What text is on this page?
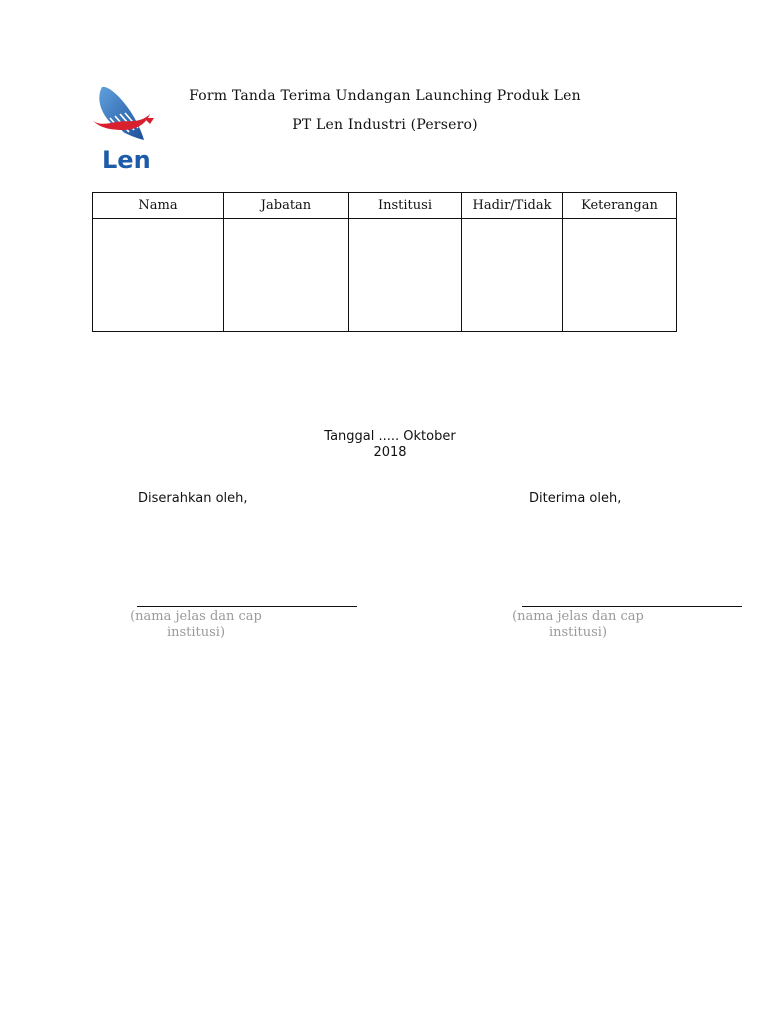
Len
Form Tanda Terima Undangan Launching Produk Len
PT Len Industri (Persero)
Nama	Jabatan	Institusi	Hadir/Tidak	Keterangan

Tanggal ..... Oktober
2018
Diserahkan oleh,	Diterima oleh,
(nama jelas dan cap
institusi)
(nama jelas dan cap
institusi)
